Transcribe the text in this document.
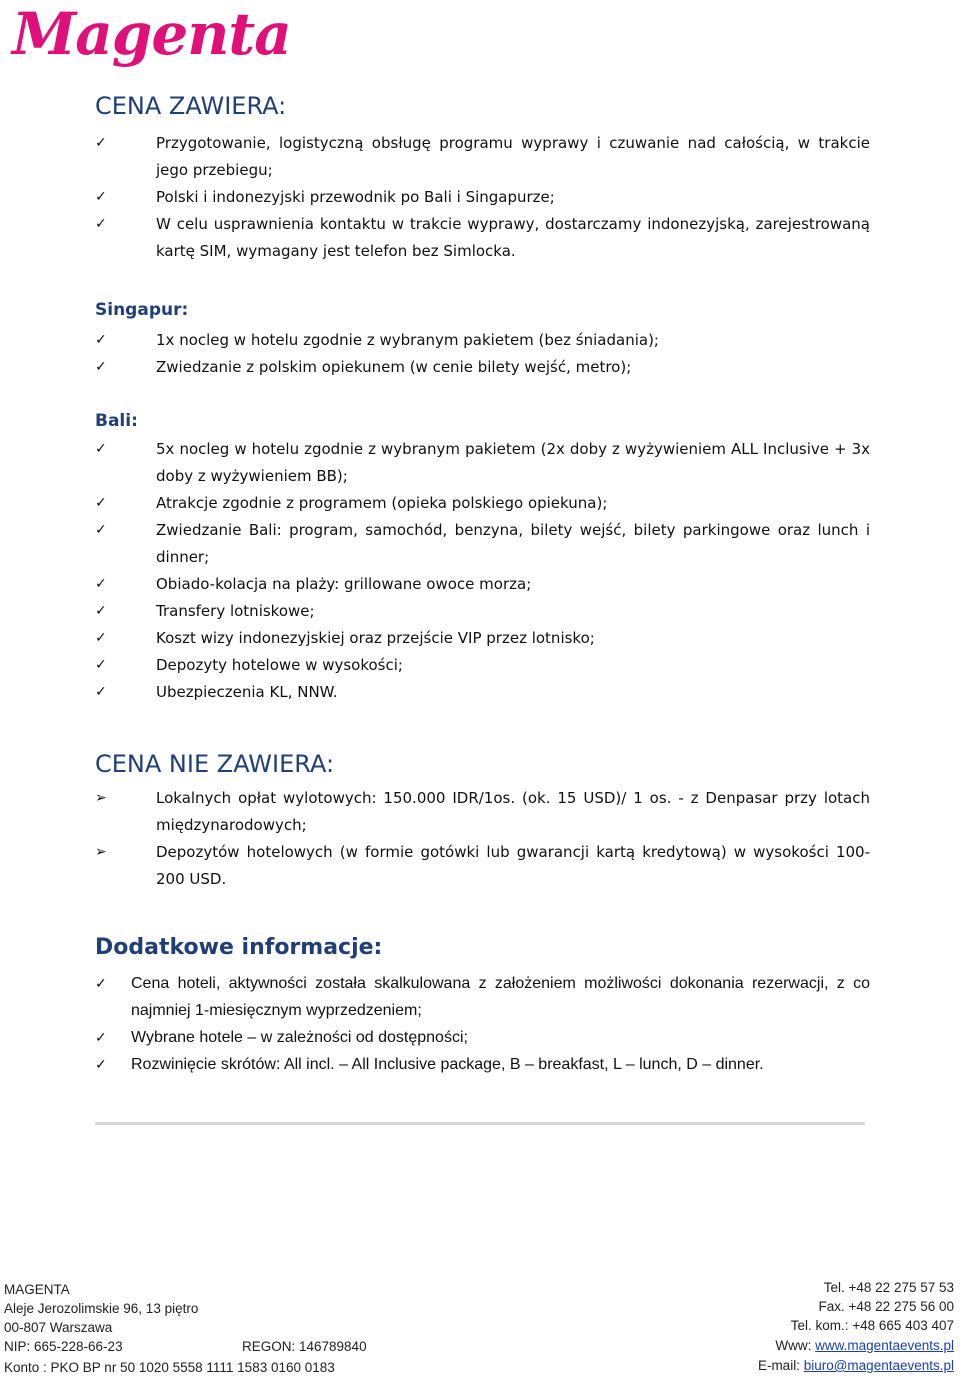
Magenta
CENA ZAWIERA:
✓	Przygotowanie, logistyczną obsługę programu wyprawy i czuwanie nad całością, w trakcie jego przebiegu;
✓	Polski i indonezyjski przewodnik po Bali i Singapurze;
✓	W celu usprawnienia kontaktu w trakcie wyprawy, dostarczamy indonezyjską, zarejestrowaną kartę SIM, wymagany jest telefon bez Simlocka.
Singapur:
✓	1x nocleg w hotelu zgodnie z wybranym pakietem (bez śniadania);
✓	Zwiedzanie z polskim opiekunem (w cenie bilety wejść, metro);
Bali:
✓	5x nocleg w hotelu zgodnie z wybranym pakietem (2x doby z wyżywieniem ALL Inclusive + 3x doby z wyżywieniem BB);
✓	Atrakcje zgodnie z programem (opieka polskiego opiekuna);
✓	Zwiedzanie Bali: program, samochód, benzyna, bilety wejść, bilety parkingowe oraz lunch i dinner;
✓	Obiado-kolacja na plaży: grillowane owoce morza;
✓	Transfery lotniskowe;
✓	Koszt wizy indonezyjskiej oraz przejście VIP przez lotnisko;
✓	Depozyty hotelowe w wysokości;
✓	Ubezpieczenia KL, NNW.
CENA NIE ZAWIERA:
➢	Lokalnych opłat wylotowych: 150.000 IDR/1os. (ok. 15 USD)/ 1 os. - z Denpasar przy lotach międzynarodowych;
➢	Depozytów hotelowych (w formie gotówki lub gwarancji kartą kredytową) w wysokości 100-200 USD.
Dodatkowe informacje:
✓	Cena hoteli, aktywności została skalkulowana z założeniem możliwości dokonania rezerwacji, z co najmniej 1-miesięcznym wyprzedzeniem;
✓	Wybrane hotele – w zależności od dostępności;
✓	Rozwinięcie skrótów: All incl. – All Inclusive package, B – breakfast, L – lunch, D – dinner.
MAGENTA
Aleje Jerozolimskie 96, 13 piętro
00-807 Warszawa
NIP: 665-228-66-23	REGON: 146789840
Konto : PKO BP nr 50 1020 5558 1111 1583 0160 0183
Tel. +48 22 275 57 53
Fax. +48 22 275 56 00
Tel. kom.: +48 665 403 407
Www: www.magentaevents.pl
E-mail: biuro@magentaevents.pl
